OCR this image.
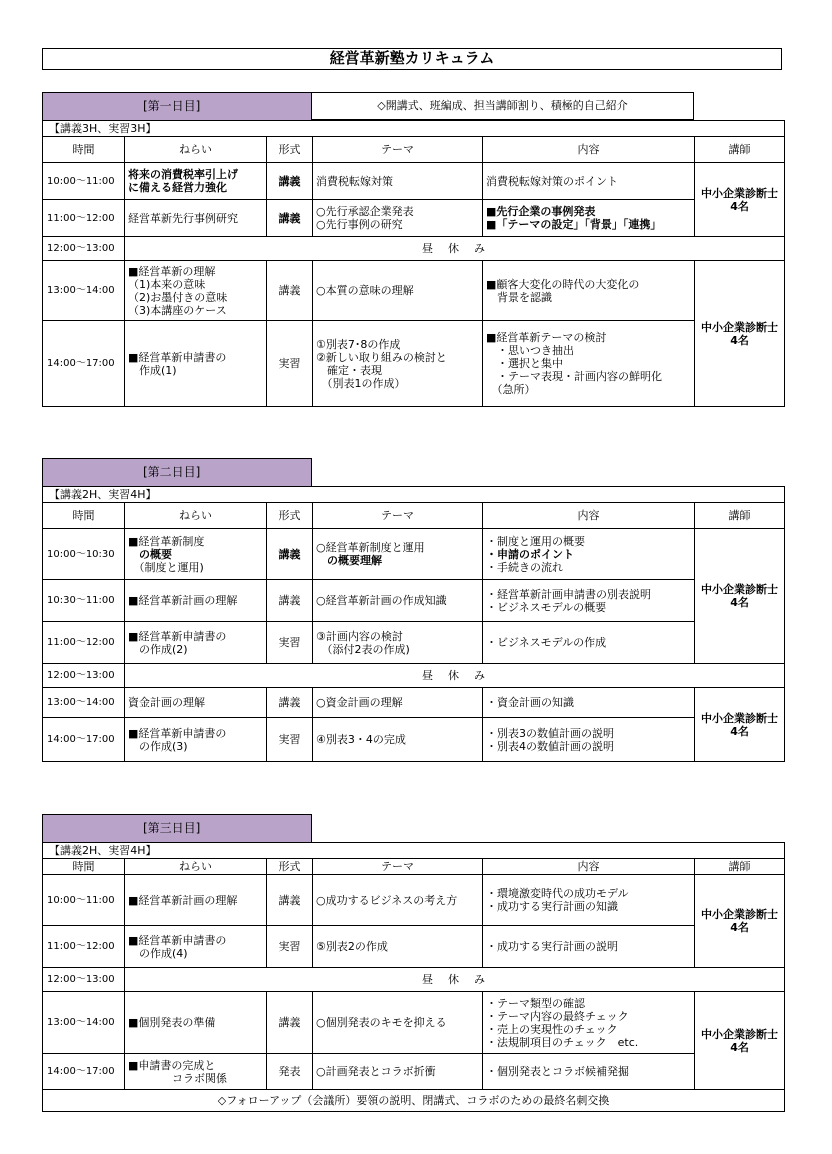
経営革新塾カリキュラム
[第一日目]	◇開講式、班編成、担当講師割り、積極的自己紹介
【講義3H、実習3H】					
時間	ねらい	形式	テーマ	内容	講師
10:00～11:00	将来の消費税率引上げ
に備える経営力強化	講義	消費税転嫁対策	消費税転嫁対策のポイント	中小企業診断士
4名
11:00～12:00	経営革新先行事例研究	講義	○先行承認企業発表
○先行事例の研究	■先行企業の事例発表
■「テーマの設定」「背景」「連携」	
12:00～13:00	昼　休　み				
13:00～14:00	■経営革新の理解
（1)本来の意味
（2)お墨付きの意味
（3)本講座のケース	講義	○本質の意味の理解	■顧客大変化の時代の大変化の
　背景を認識	中小企業診断士
4名
14:00～17:00	■経営革新申請書の
　作成(1)	実習	①別表7･8の作成
②新しい取り組みの検討と
　確定・表現
　（別表1の作成）	■経営革新テーマの検討
　・思いつき抽出
　・選択と集中
　・テーマ表現・計画内容の鮮明化
　（急所）	
[第二日目]
【講義2H、実習4H】					
時間	ねらい	形式	テーマ	内容	講師
10:00～10:30	■経営革新制度
　の概要
　（制度と運用)	講義	○経営革新制度と運用
　の概要理解	・制度と運用の概要
・申請のポイント
・手続きの流れ	中小企業診断士
4名
10:30～11:00	■経営革新計画の理解	講義	○経営革新計画の作成知識	・経営革新計画申請書の別表説明
・ビジネスモデルの概要	
11:00～12:00	■経営革新申請書の
　の作成(2)	実習	③計画内容の検討
　（添付2表の作成)	・ビジネスモデルの作成	
12:00～13:00	昼　休　み				
13:00～14:00	資金計画の理解	講義	○資金計画の理解	・資金計画の知識	中小企業診断士
4名
14:00～17:00	■経営革新申請書の
　の作成(3)	実習	④別表3・4の完成	・別表3の数値計画の説明
・別表4の数値計画の説明	
[第三日目]
【講義2H、実習4H】					
時間	ねらい	形式	テーマ	内容	講師
10:00～11:00	■経営革新計画の理解	講義	○成功するビジネスの考え方	・環境激変時代の成功モデル
・成功する実行計画の知識	中小企業診断士
4名
11:00～12:00	■経営革新申請書の
　の作成(4)	実習	⑤別表2の作成	・成功する実行計画の説明	
12:00～13:00	昼　休　み				
13:00～14:00	■個別発表の準備	講義	○個別発表のキモを抑える	・テーマ類型の確認
・テーマ内容の最終チェック
・売上の実現性のチェック
・法規制項目のチェック　etc.	中小企業診断士
4名
14:00～17:00	■申請書の完成と
　　　　コラボ関係	発表	○計画発表とコラボ折衝	・個別発表とコラボ候補発掘	
◇フォローアップ（会議所）要領の説明、閉講式、コラボのための最終名刺交換					
